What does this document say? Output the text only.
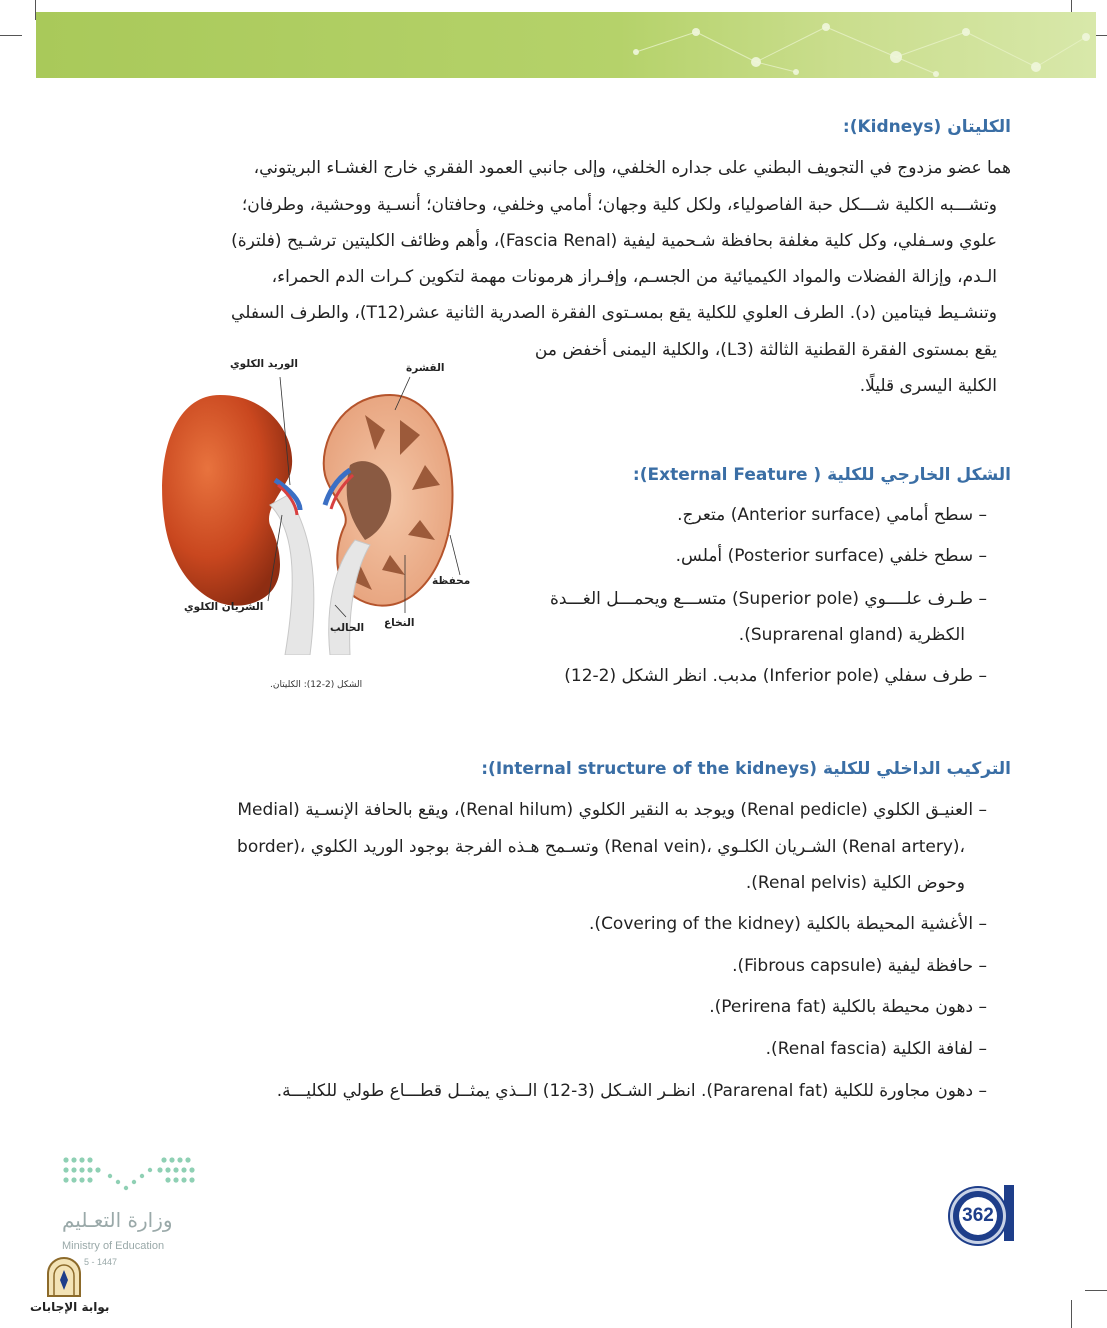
الكليتان (Kidneys):
هما عضو مزدوج في التجويف البطني على جداره الخلفي، وإلى جانبي العمود الفقري خارج الغشـاء البريتوني،
وتشـــبه الكلية شـــكل حبة الفاصولياء، ولكل كلية وجهان؛ أمامي وخلفي، وحافتان؛ أنسـية ووحشية، وطرفان؛
علوي وسـفلي، وكل كلية مغلفة بحافظة شـحمية ليفية (Fascia Renal)، وأهم وظائف الكليتين ترشـيح (فلترة)
الـدم، وإزالة الفضلات والمواد الكيميائية من الجسـم، وإفـراز هرمونات مهمة لتكوين كـرات الدم الحمراء،
وتنشـيط فيتامين (د). الطرف العلوي للكلية يقع بمسـتوى الفقرة الصدرية الثانية عشر(T12)، والطرف السفلي
يقع بمستوى الفقرة القطنية الثالثة (L3)، والكلية اليمنى أخفض من
الكلية اليسرى قليلًا.
الوريد الكلوي	القشرة
محفظة
الشريان الكلوي
الحالب النخاع
الشكل (2-12): الكليتان.
الشكل الخارجي للكلية ( External Feature):
– سطح أمامي (Anterior surface) متعرج.
– سطح خلفي (Posterior surface) أملس.
– طـرف علــــوي (Superior pole) متســـع ويحمـــل الغـــدة
الكظرية (Suprarenal gland).
– طرف سفلي (Inferior pole) مدبب. انظر الشكل (2-12)
التركيب الداخلي للكلية (Internal structure of the kidneys):
– العنيـق الكلوي (Renal pedicle) ويوجد به النقير الكلوي (Renal hilum)، ويقع بالحافة الإنسـية (Medial
border)، وتسـمح هـذه الفرجة بوجود الوريد الكلوي (Renal vein)، الشـريان الكلـوي (Renal artery)،
وحوض الكلية (Renal pelvis).
– الأغشية المحيطة بالكلية (Covering of the kidney).
– حافظة ليفية (Fibrous capsule).
– دهون محيطة بالكلية (Perirena fat).
– لفافة الكلية (Renal fascia).
– دهون مجاورة للكلية (Pararenal fat). انظـر الشـكل (3-12) الــذي يمثــل قطـــاع طولي للكليـــة.
وزارة التعـليم
Ministry of Education
5 - 1447
بوابة الإجابات
362
